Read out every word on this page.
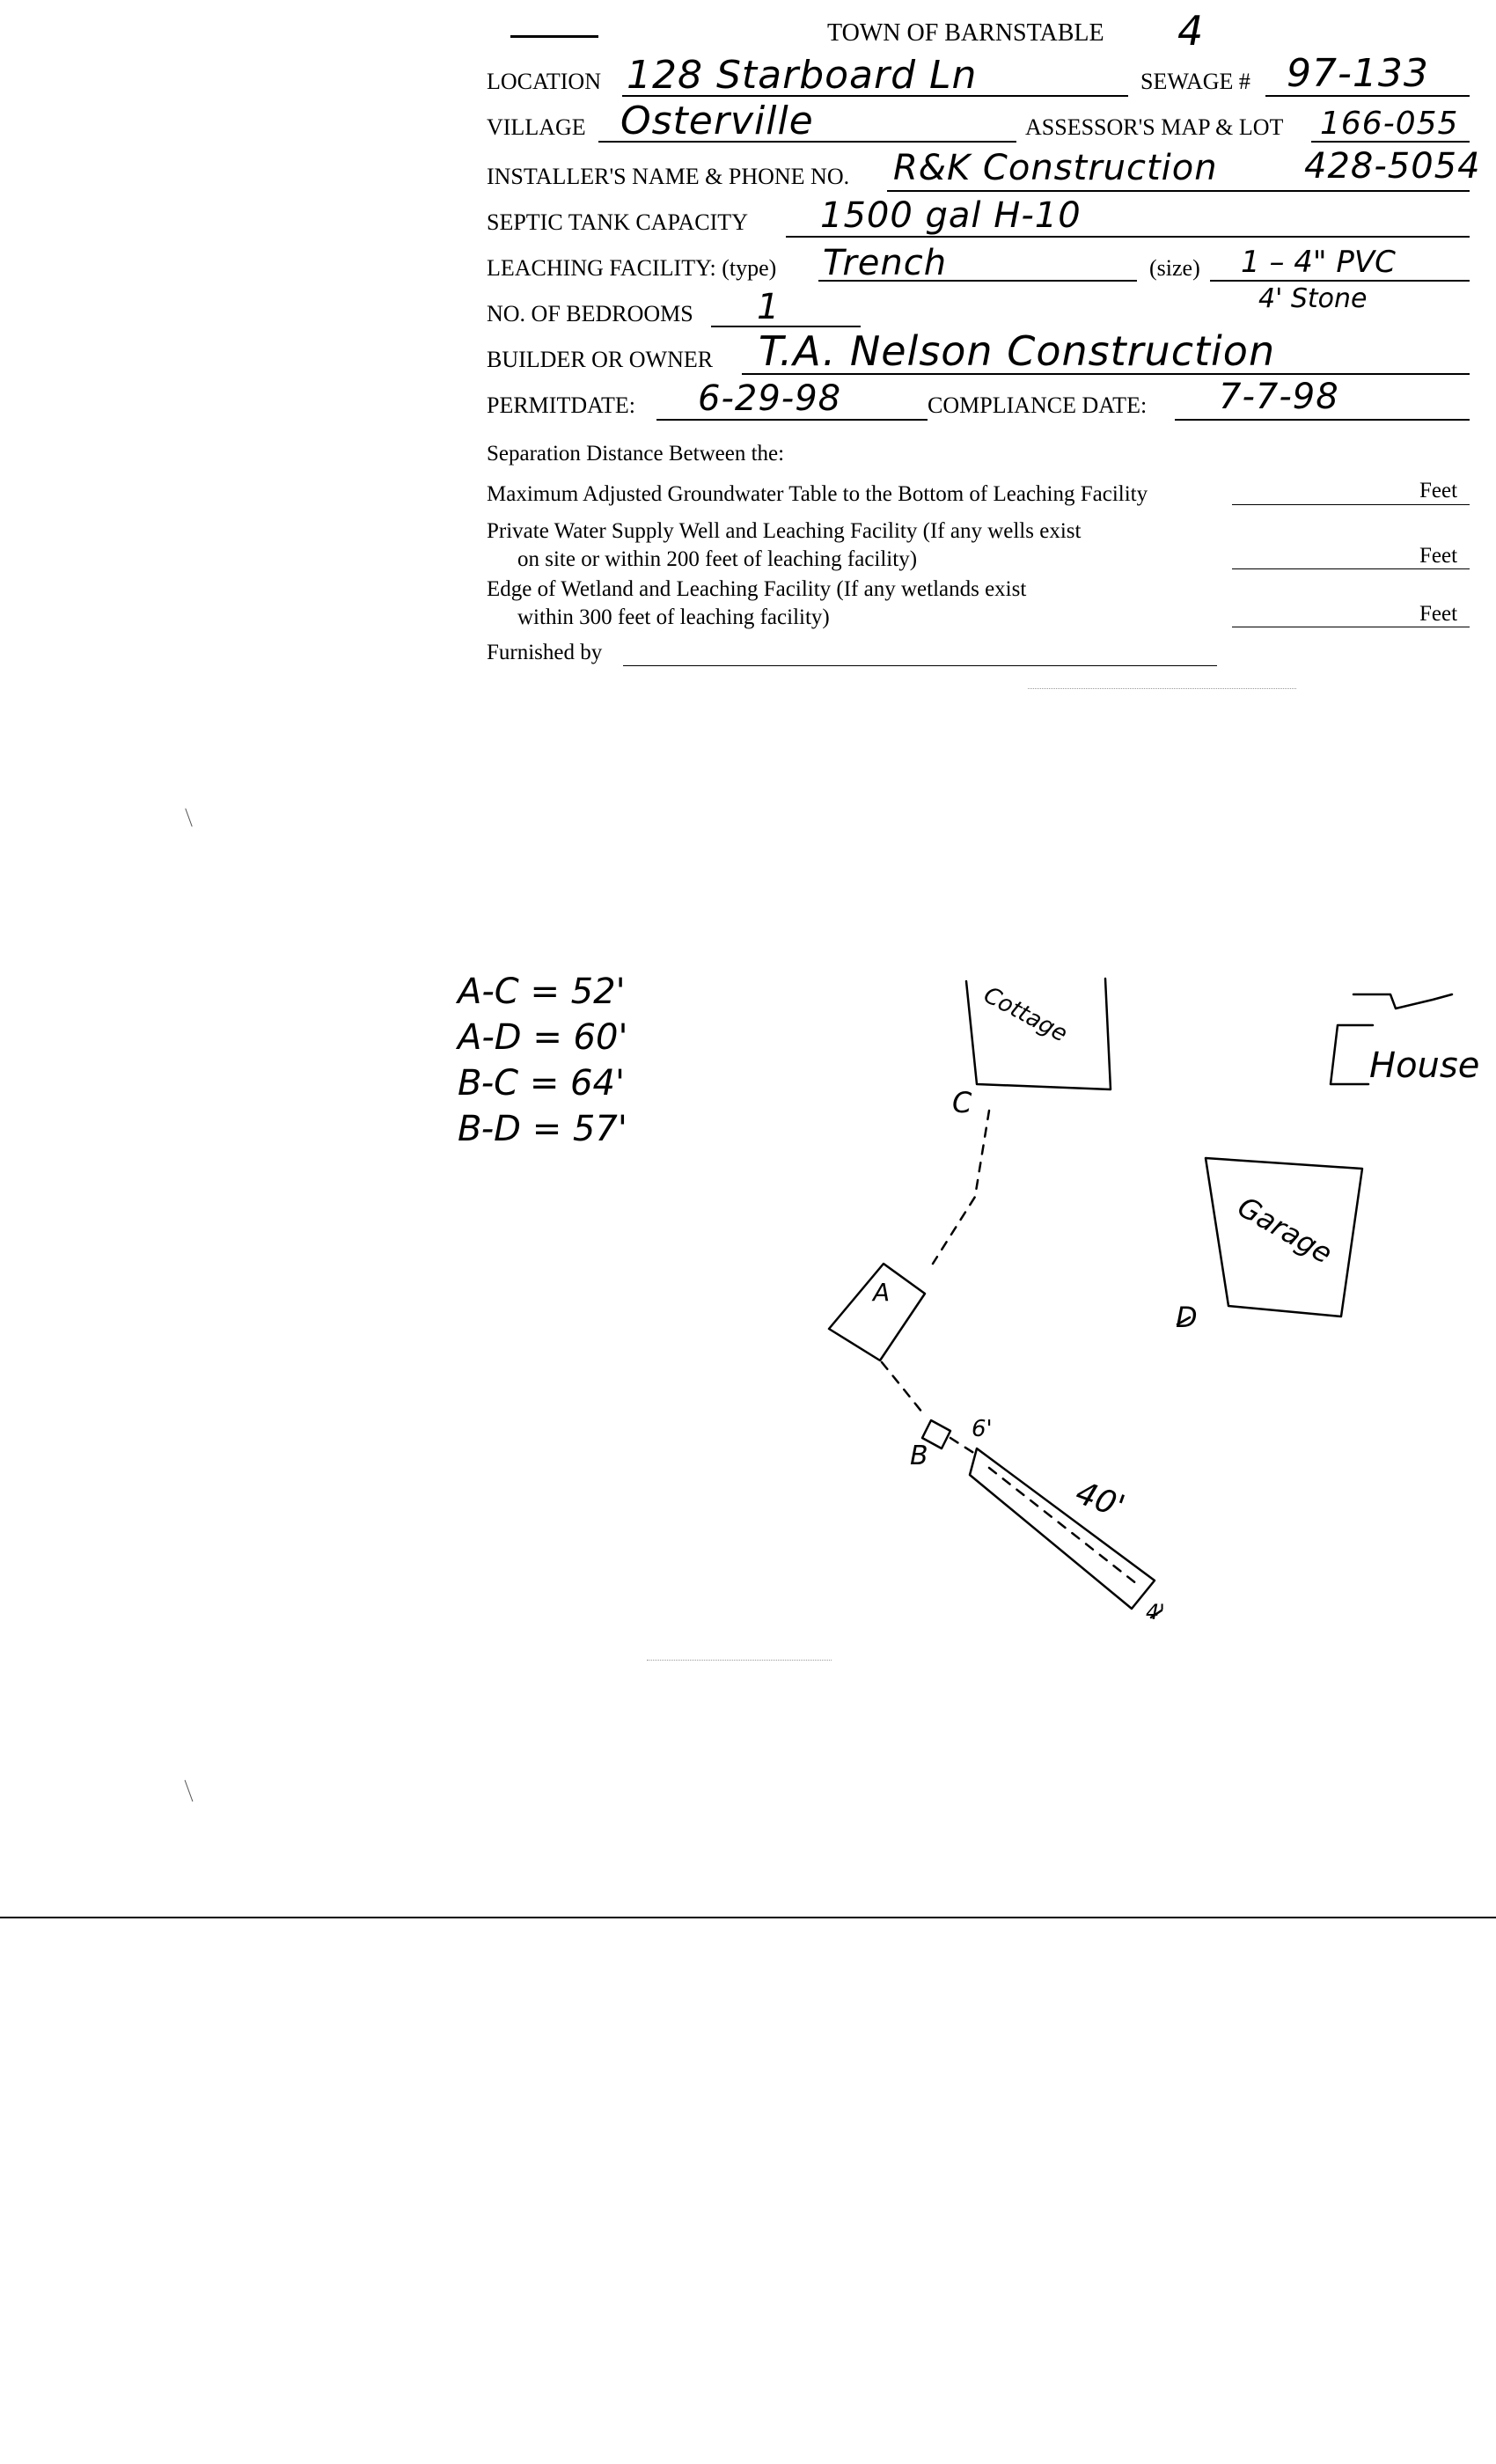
TOWN OF BARNSTABLE 4
LOCATION 128 Starboard Ln	SEWAGE # 97-133
VILLAGE Osterville	ASSESSOR'S MAP & LOT 166-055
INSTALLER'S NAME & PHONE NO. R&K Construction 428-5054
SEPTIC TANK CAPACITY 1500 gal H-10
LEACHING FACILITY: (type) Trench	(size) 1 – 4" PVC
4' Stone
NO. OF BEDROOMS 1
BUILDER OR OWNER T.A. Nelson Construction
PERMITDATE: 6-29-98	COMPLIANCE DATE: 7-7-98
Separation Distance Between the:
Maximum Adjusted Groundwater Table to the Bottom of Leaching Facility	Feet
Private Water Supply Well and Leaching Facility (If any wells exist
on site or within 200 feet of leaching facility)	Feet
Edge of Wetland and Leaching Facility (If any wetlands exist
within 300 feet of leaching facility)	Feet
Furnished by
A-C = 52'
A-D = 60'
B-C = 64'
B-D = 57'
Cottage
House
Garage
A
B
C
D
6'
40'
4'
